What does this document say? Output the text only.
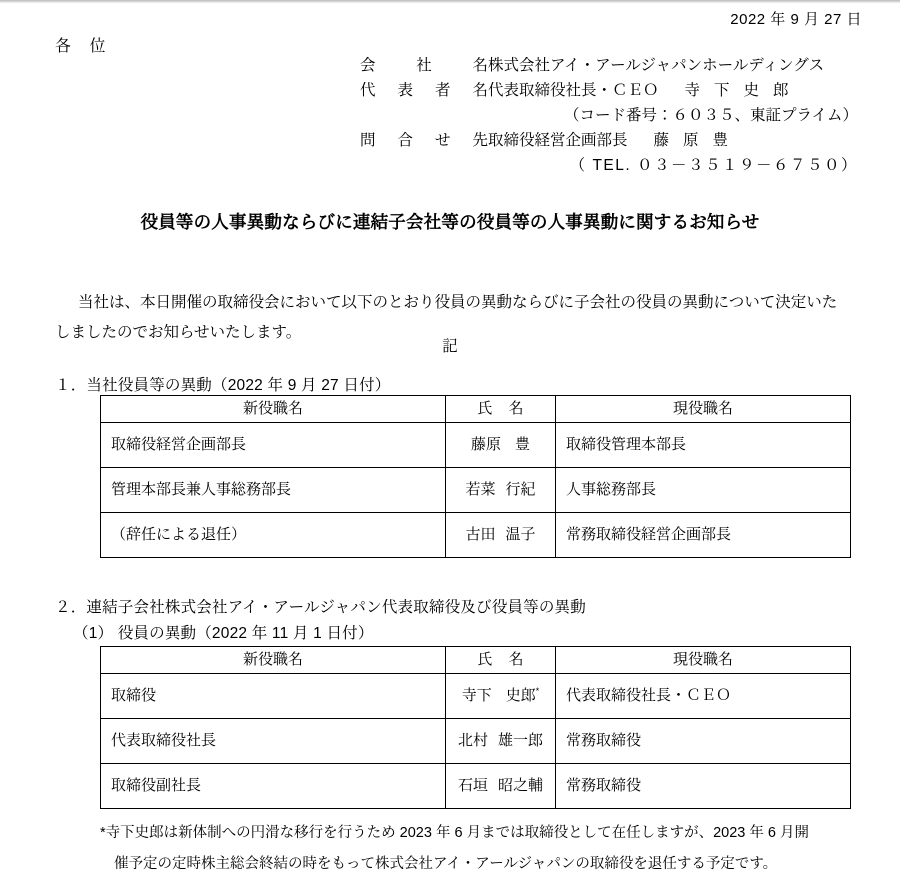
2022 年 9 月 27 日
各 位
会社名 株式会社アイ・アールジャパンホールディングス
代表者名 代表取締役社長・ＣＥＯ 寺下史郎
（コード番号：６０３５、東証プライム）
問合せ先 取締役経営企画部長 藤原豊
（ TEL. ０３－３５１９－６７５０）
役員等の人事異動ならびに連結子会社等の役員等の人事異動に関するお知らせ
当社は、本日開催の取締役会において以下のとおり役員の異動ならびに子会社の役員の異動について決定いたしましたのでお知らせいたします。
記
１．当社役員等の異動（2022 年 9 月 27 日付）
新役職名	氏 名	現役職名
取締役経営企画部長	藤原 豊	取締役管理本部長
管理本部長兼人事総務部長	若菜 行紀	人事総務部長
（辞任による退任）	古田 温子	常務取締役経営企画部長
２．連結子会社株式会社アイ・アールジャパン代表取締役及び役員等の異動
（1） 役員の異動（2022 年 11 月 1 日付）
新役職名	氏 名	現役職名
取締役	寺下 史郎*	代表取締役社長・ＣＥＯ
代表取締役社長	北村 雄一郎	常務取締役
取締役副社長	石垣 昭之輔	常務取締役
*寺下史郎は新体制への円滑な移行を行うため 2023 年 6 月までは取締役として在任しますが、2023 年 6 月開
催予定の定時株主総会終結の時をもって株式会社アイ・アールジャパンの取締役を退任する予定です。
